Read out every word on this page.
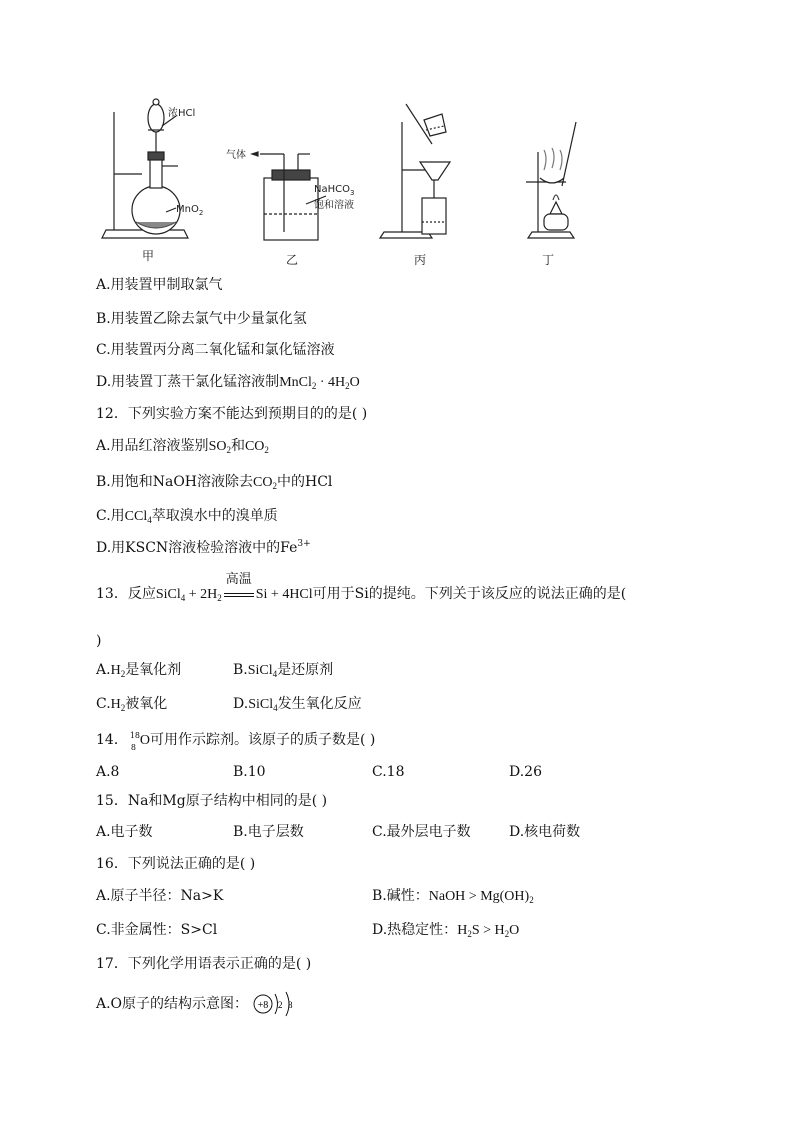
浓HCl
MnO$_2$
气体
NaHCO$_3$
饱和溶液
甲	乙	丙	丁
A.用装置甲制取氯气
B.用装置乙除去氯气中少量氯化氢
C.用装置丙分离二氧化锰和氯化锰溶液
D.用装置丁蒸干氯化锰溶液制MnCl$_2$ · $4H_2O$
12．下列实验方案不能达到预期目的的是( )
A.用品红溶液鉴别$SO_2$和$CO_2$
B.用饱和NaOH溶液除去$CO_2$中的HCl
C.用CCl$_4$萃取溴水中的溴单质
D.用KSCN溶液检验溶液中的$Fe^{3+}$
13．反应SiCl$_4$ + $2H_2$
高温
Si + 4HCl可用于Si的提纯。下列关于该反应的说法正确的是(
)
$A.H_2$是氧化剂	B.SiCl$_4$是还原剂
$C.H_2$被氧化	D.SiCl$_4$发生氧化反应
14． 18
8 O可用作示踪剂。该原子的质子数是( )
A.8	B.10	C.18	D.26
15．Na和Mg原子结构中相同的是( )
A.电子数	B.电子层数	C.最外层电子数	D.核电荷数
16．下列说法正确的是( )
A.原子半径：Na>K	B.碱性：NaOH > $Mg(OH)_2$
C.非金属性：S>Cl	D.热稳定性：$H_2S > H_2O$
17．下列化学用语表示正确的是( )
A.O原子的结构示意图： +8 2 8
